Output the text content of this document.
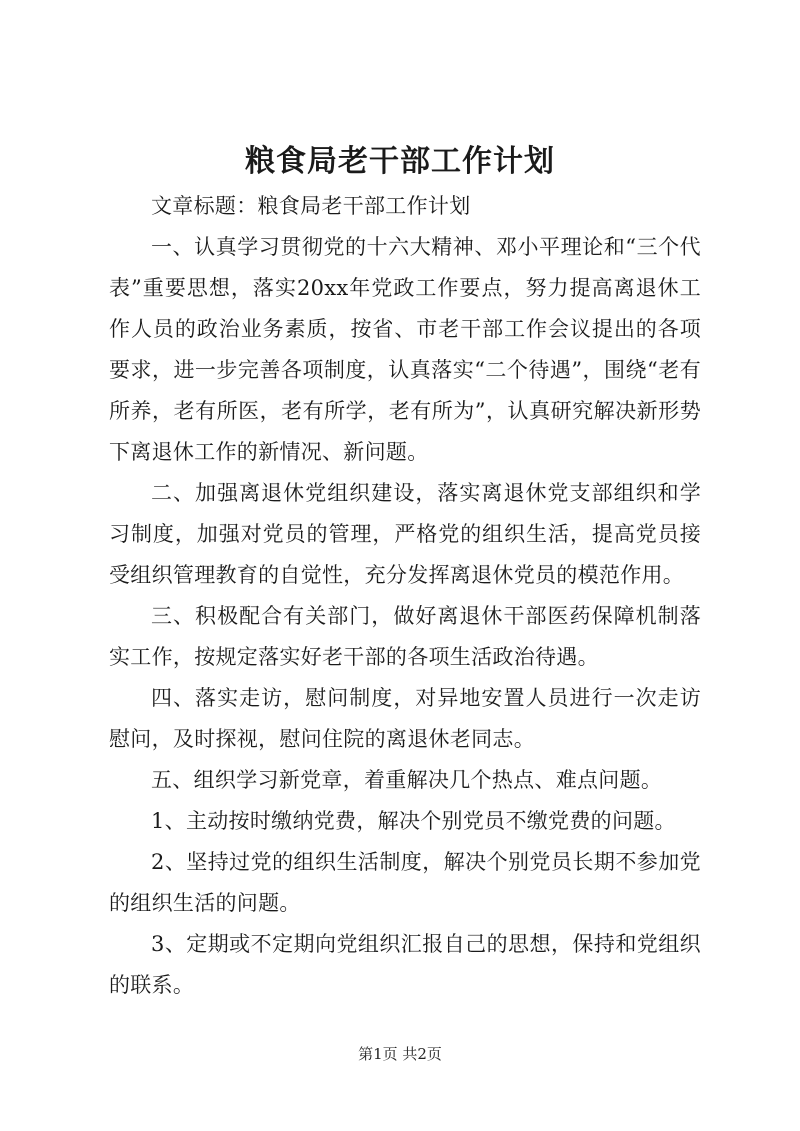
粮食局老干部工作计划

文章标题：粮食局老干部工作计划

一、认真学习贯彻党的十六大精神、邓小平理论和“三个代表”重要思想，落实20xx年党政工作要点，努力提高离退休工作人员的政治业务素质，按省、市老干部工作会议提出的各项要求，进一步完善各项制度，认真落实“二个待遇”，围绕“老有所养，老有所医，老有所学，老有所为”，认真研究解决新形势下离退休工作的新情况、新问题。

二、加强离退休党组织建设，落实离退休党支部组织和学习制度，加强对党员的管理，严格党的组织生活，提高党员接受组织管理教育的自觉性，充分发挥离退休党员的模范作用。

三、积极配合有关部门，做好离退休干部医药保障机制落实工作，按规定落实好老干部的各项生活政治待遇。

四、落实走访，慰问制度，对异地安置人员进行一次走访慰问，及时探视，慰问住院的离退休老同志。

五、组织学习新党章，着重解决几个热点、难点问题。

1、主动按时缴纳党费，解决个别党员不缴党费的问题。

2、坚持过党的组织生活制度，解决个别党员长期不参加党的组织生活的问题。

3、定期或不定期向党组织汇报自己的思想，保持和党组织的联系。

第1页 共2页
